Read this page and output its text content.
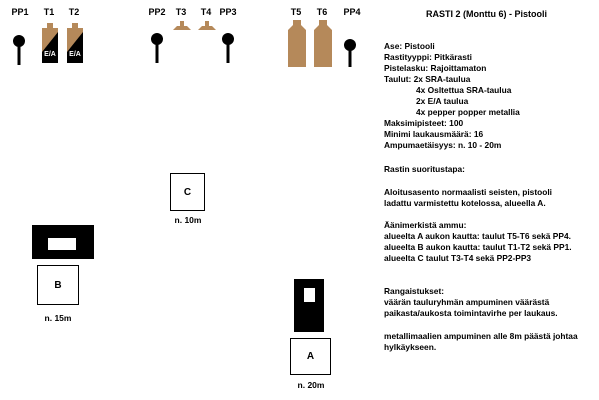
PP1	T1	T2	PP2	T3	T4 PP3	T5	T6	PP4
E/A	E/A
C
n. 10m
B
n. 15m
A
n. 20m
RASTI 2 (Monttu 6) - Pistooli
Ase: Pistooli
Rastityyppi: Pitkärasti
Pistelasku: Rajoittamaton
Taulut: 2x SRA-taulua
4x Osltettua SRA-taulua
2x E/A taulua
4x pepper popper metallia
Maksimipisteet: 100
Minimi laukausmäärä: 16
Ampumaetäisyys: n. 10 - 20m
Rastin suoritustapa:
Aloitusasento normaalisti seisten, pistooli
ladattu varmistettu kotelossa, alueella A.
Äänimerkistä ammu:
alueelta A aukon kautta: taulut T5-T6 sekä PP4.
alueelta B aukon kautta: taulut T1-T2 sekä PP1.
alueelta C taulut T3-T4 sekä PP2-PP3
Rangaistukset:
väärän tauluryhmän ampuminen väärästä
paikasta/aukosta toimintavirhe per laukaus.
metallimaalien ampuminen alle 8m päästä johtaa
hylkäykseen.
